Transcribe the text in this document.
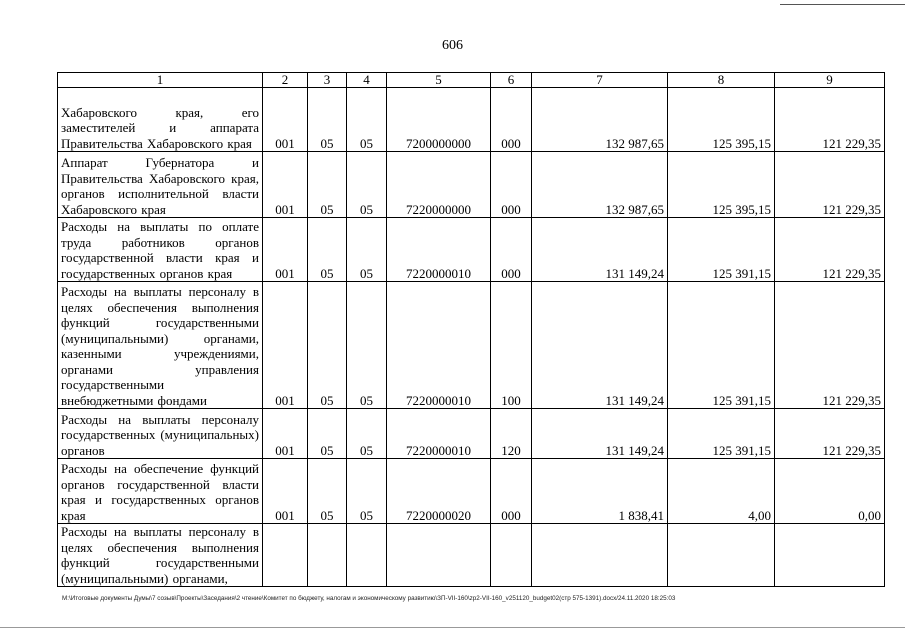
606
1	2	3	4	5	6	7	8	9
Хабаровского края, его заместителей и аппарата Правительства Хабаровского края	001	05	05	7200000000	000	132 987,65	125 395,15	121 229,35
Аппарат Губернатора и Правительства Хабаровского края, органов исполнительной власти Хабаровского края	001	05	05	7220000000	000	132 987,65	125 395,15	121 229,35
Расходы на выплаты по оплате труда работников органов государственной власти края и государственных органов края	001	05	05	7220000010	000	131 149,24	125 391,15	121 229,35
Расходы на выплаты персоналу в целях обеспечения выполнения функций государственными (муниципальными) органами, казенными учреждениями, органами управления государственными внебюджетными фондами	001	05	05	7220000010	100	131 149,24	125 391,15	121 229,35
Расходы на выплаты персоналу государственных (муниципальных) органов	001	05	05	7220000010	120	131 149,24	125 391,15	121 229,35
Расходы на обеспечение функций органов государственной власти края и государственных органов края	001	05	05	7220000020	000	1 838,41	4,00	0,00
Расходы на выплаты персоналу в целях обеспечения выполнения функций государственными (муниципальными) органами,								
M:\Итоговые документы Думы\7 созыв\Проекты\Заседания\2 чтение\Комитет по бюджету, налогам и экономическому развитию\ЗП-VII-160\zp2-VII-160_v251120_budget02(стр 575-1391).docx/24.11.2020 18:25:03
